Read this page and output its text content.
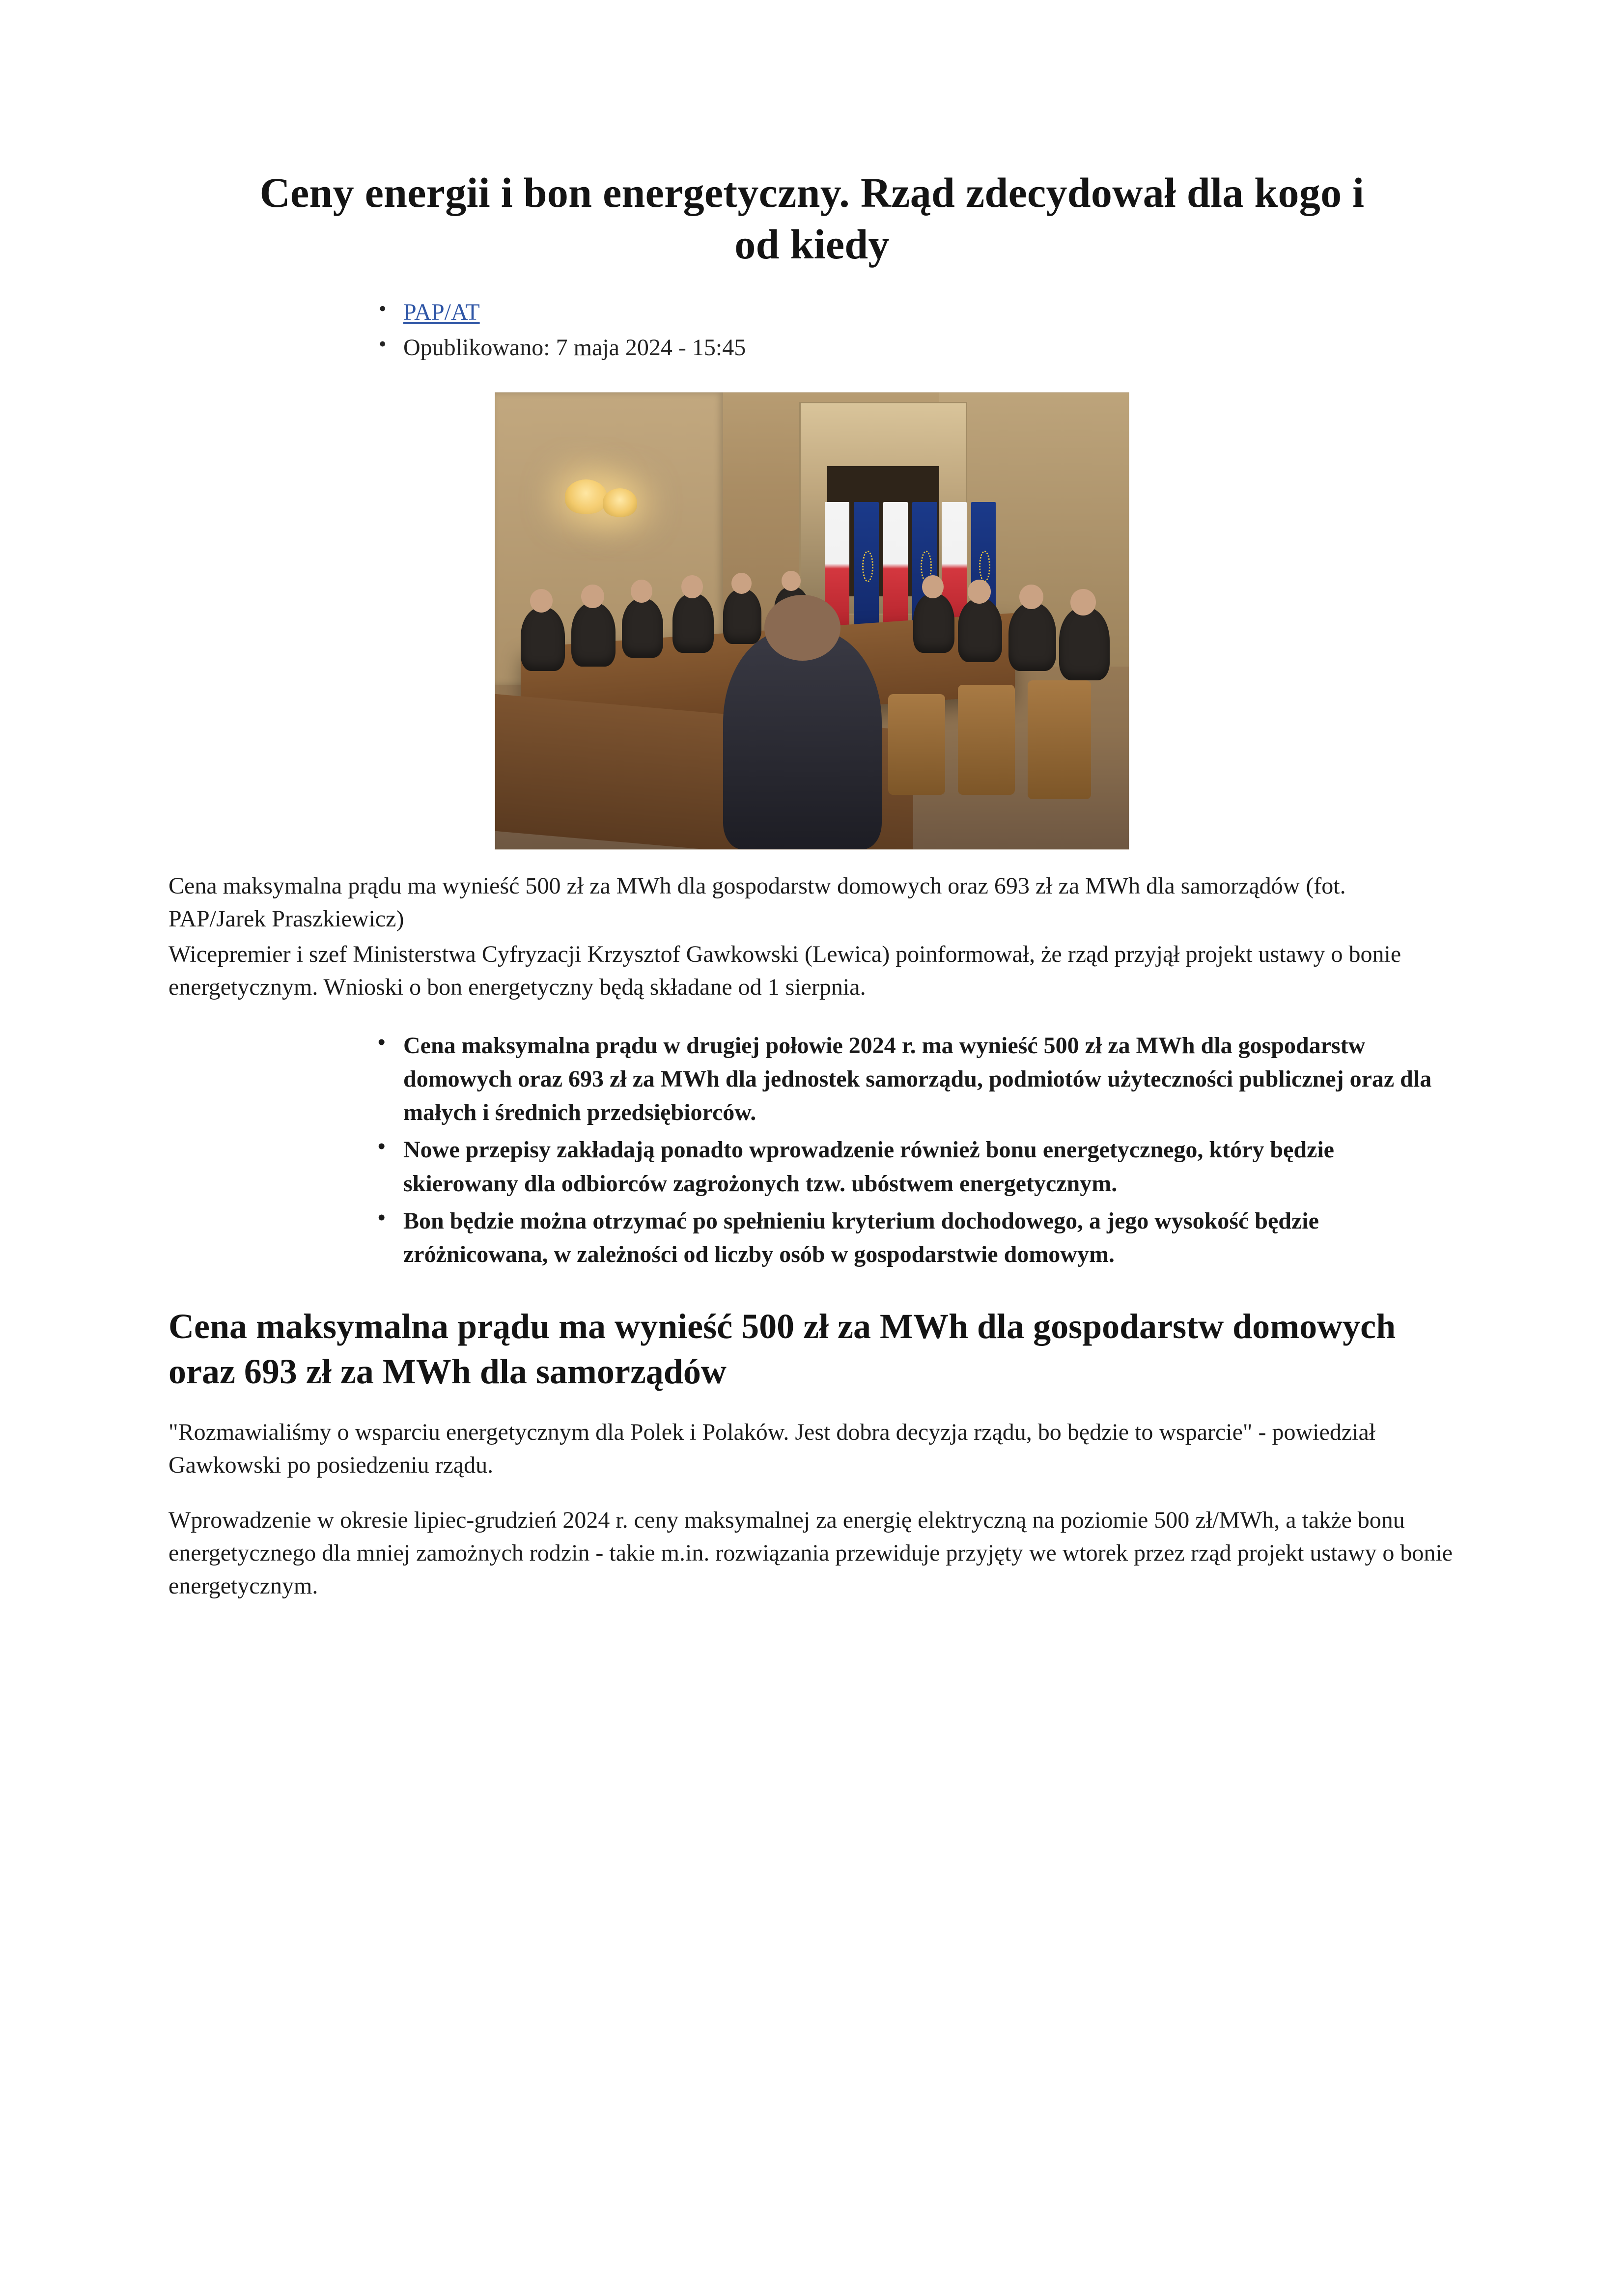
Ceny energii i bon energetyczny. Rząd zdecydował dla kogo i od kiedy
• PAP/AT
• Opublikowano: 7 maja 2024 - 15:45

Cena maksymalna prądu ma wynieść 500 zł za MWh dla gospodarstw domowych oraz 693 zł za MWh dla samorządów (fot. PAP/Jarek Praszkiewicz)

Wicepremier i szef Ministerstwa Cyfryzacji Krzysztof Gawkowski (Lewica) poinformował, że rząd przyjął projekt ustawy o bonie energetycznym. Wnioski o bon energetyczny będą składane od 1 sierpnia.

• Cena maksymalna prądu w drugiej połowie 2024 r. ma wynieść 500 zł za MWh dla gospodarstw domowych oraz 693 zł za MWh dla jednostek samorządu, podmiotów użyteczności publicznej oraz dla małych i średnich przedsiębiorców.
• Nowe przepisy zakładają ponadto wprowadzenie również bonu energetycznego, który będzie skierowany dla odbiorców zagrożonych tzw. ubóstwem energetycznym.
• Bon będzie można otrzymać po spełnieniu kryterium dochodowego, a jego wysokość będzie zróżnicowana, w zależności od liczby osób w gospodarstwie domowym.
Cena maksymalna prądu ma wynieść 500 zł za MWh dla gospodarstw domowych oraz 693 zł za MWh dla samorządów

"Rozmawialiśmy o wsparciu energetycznym dla Polek i Polaków. Jest dobra decyzja rządu, bo będzie to wsparcie" - powiedział Gawkowski po posiedzeniu rządu.

Wprowadzenie w okresie lipiec-grudzień 2024 r. ceny maksymalnej za energię elektryczną na poziomie 500 zł/MWh, a także bonu energetycznego dla mniej zamożnych rodzin - takie m.in. rozwiązania przewiduje przyjęty we wtorek przez rząd projekt ustawy o bonie energetycznym.
